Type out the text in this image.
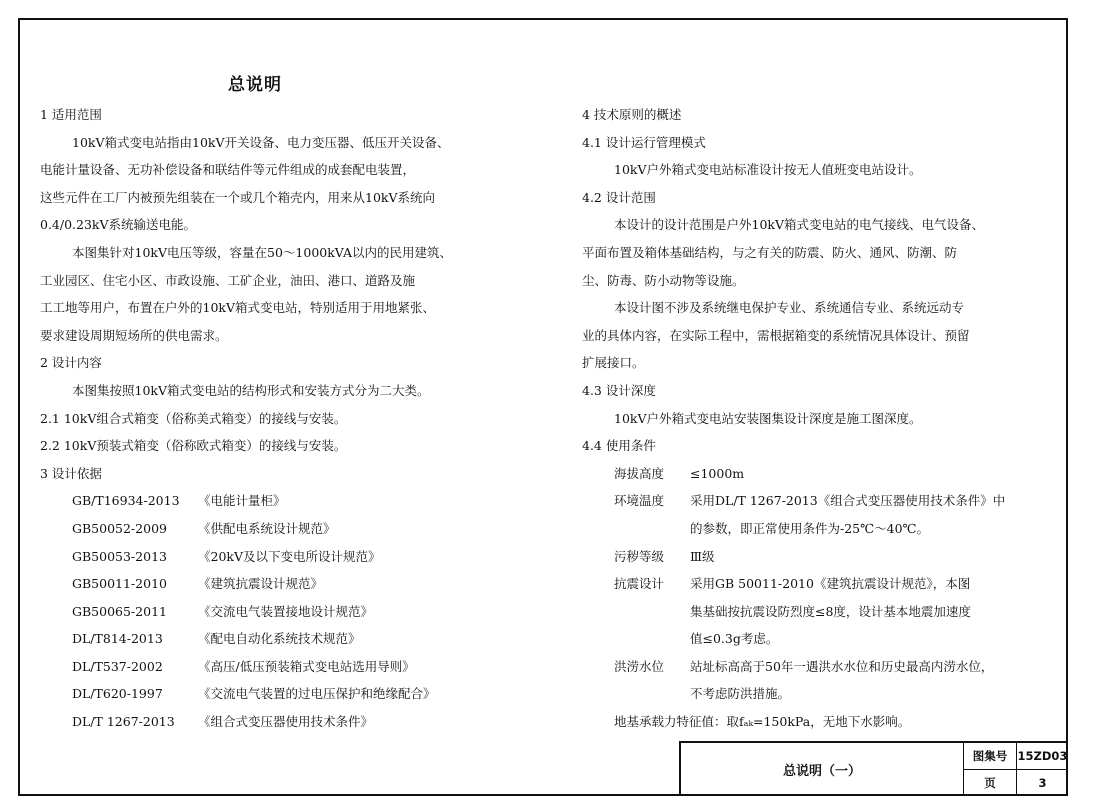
总说明
1 适用范围
10kV箱式变电站指由10kV开关设备、电力变压器、低压开关设备、
电能计量设备、无功补偿设备和联结件等元件组成的成套配电装置，
这些元件在工厂内被预先组装在一个或几个箱壳内，用来从10kV系统向
0.4/0.23kV系统输送电能。
本图集针对10kV电压等级，容量在50～1000kVA以内的民用建筑、
工业园区、住宅小区、市政设施、工矿企业，油田、港口、道路及施
工工地等用户，布置在户外的10kV箱式变电站，特别适用于用地紧张、
要求建设周期短场所的供电需求。
2 设计内容
本图集按照10kV箱式变电站的结构形式和安装方式分为二大类。
2.1 10kV组合式箱变（俗称美式箱变）的接线与安装。
2.2 10kV预装式箱变（俗称欧式箱变）的接线与安装。
3 设计依据
GB/T16934-2013	《电能计量柜》
GB50052-2009	《供配电系统设计规范》
GB50053-2013	《20kV及以下变电所设计规范》
GB50011-2010	《建筑抗震设计规范》
GB50065-2011	《交流电气装置接地设计规范》
DL/T814-2013	《配电自动化系统技术规范》
DL/T537-2002	《高压/低压预装箱式变电站选用导则》
DL/T620-1997	《交流电气装置的过电压保护和绝缘配合》
DL/T 1267-2013	《组合式变压器使用技术条件》
4 技术原则的概述
4.1 设计运行管理模式
10kV户外箱式变电站标准设计按无人值班变电站设计。
4.2 设计范围
本设计的设计范围是户外10kV箱式变电站的电气接线、电气设备、
平面布置及箱体基础结构，与之有关的防震、防火、通风、防潮、防
尘、防毒、防小动物等设施。
本设计图不涉及系统继电保护专业、系统通信专业、系统远动专
业的具体内容，在实际工程中，需根据箱变的系统情况具体设计、预留
扩展接口。
4.3 设计深度
10kV户外箱式变电站安装图集设计深度是施工图深度。
4.4 使用条件
海拔高度	≤1000m
环境温度	采用DL/T 1267-2013《组合式变压器使用技术条件》中
的参数，即正常使用条件为-25℃～40℃。
污秽等级	Ⅲ级
抗震设计	采用GB 50011-2010《建筑抗震设计规范》，本图
集基础按抗震设防烈度≤8度，设计基本地震加速度
值≤0.3g考虑。
洪涝水位	站址标高高于50年一遇洪水水位和历史最高内涝水位，
不考虑防洪措施。
地基承载力特征值：取fₐₖ=150kPa，无地下水影响。
总说明（一）
图集号 15ZD03
页	3
